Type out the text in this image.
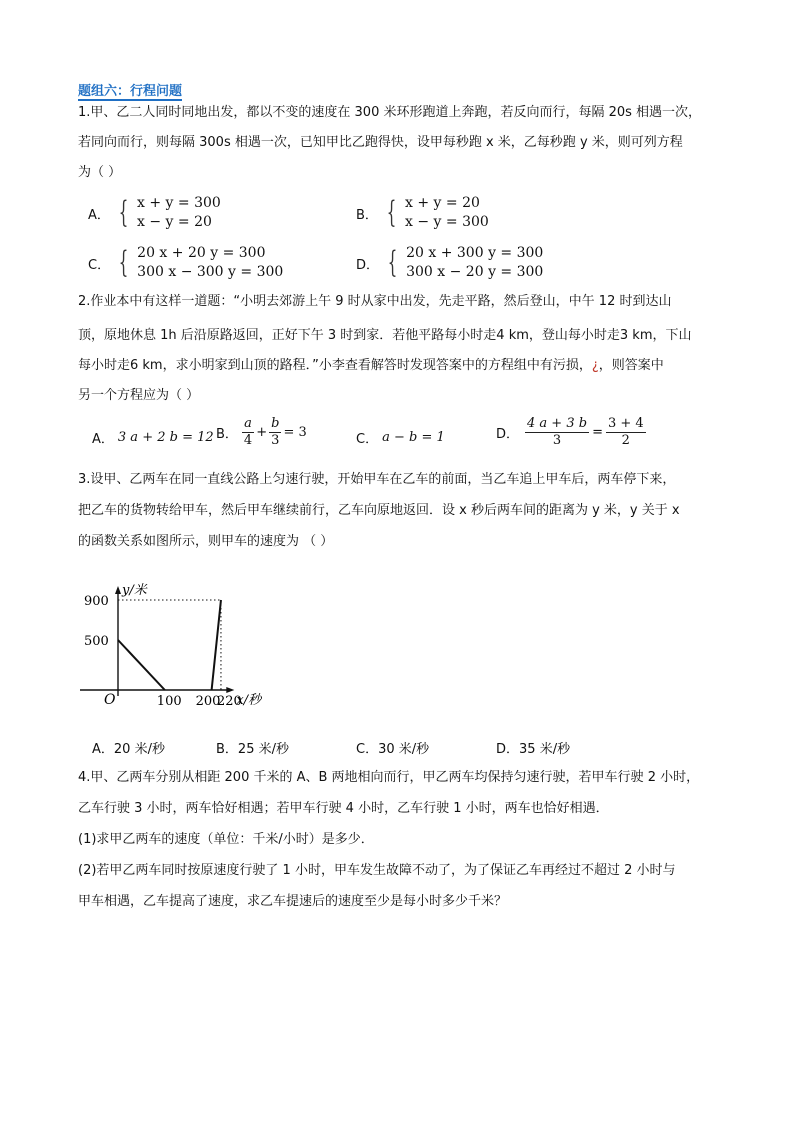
题组六：行程问题
1.甲、乙二人同时同地出发，都以不变的速度在 300 米环形跑道上奔跑，若反向而行，每隔 20s 相遇一次，
若同向而行，则每隔 300s 相遇一次，已知甲比乙跑得快，设甲每秒跑 x 米，乙每秒跑 y 米，则可列方程
为（ ）
A． { x + y = 300
x − y = 20	B． { x + y = 20
x − y = 300
C． { 20 x + 20 y = 300
300 x − 300 y = 300	D． { 20 x + 300 y = 300
300 x − 20 y = 300
2.作业本中有这样一道题：“小明去郊游上午 9 时从家中出发，先走平路，然后登山，中午 12 时到达山
顶，原地休息 1h 后沿原路返回，正好下午 3 时到家．若他平路每小时走4 km，登山每小时走3 km，下山
每小时走6 km，求小明家到山顶的路程．”小李查看解答时发现答案中的方程组中有污损，¿，则答案中
另一个方程应为（ ）
A． 3 a + 2 b = 12 B． $\frac{a}{4} + \frac{b}{3} = 3$	C． a − b = 1	D． $\frac{4 a + 3 b}{3} = \frac{3 + 4}{2}$
3.设甲、乙两车在同一直线公路上匀速行驶，开始甲车在乙车的前面，当乙车追上甲车后，两车停下来，
把乙车的货物转给甲车，然后甲车继续前行，乙车向原地返回．设 x 秒后两车间的距离为 y 米，y 关于 x
的函数关系如图所示，则甲车的速度为 （ ）
y/米
x/秒
O	100 200
220
500
900
A．20 米/秒	B．25 米/秒	C．30 米/秒	D．35 米/秒
4.甲、乙两车分别从相距 200 千米的 A、B 两地相向而行，甲乙两车均保持匀速行驶，若甲车行驶 2 小时，
乙车行驶 3 小时，两车恰好相遇；若甲车行驶 4 小时，乙车行驶 1 小时，两车也恰好相遇．
(1)求甲乙两车的速度（单位：千米/小时）是多少．
(2)若甲乙两车同时按原速度行驶了 1 小时，甲车发生故障不动了，为了保证乙车再经过不超过 2 小时与
甲车相遇，乙车提高了速度，求乙车提速后的速度至少是每小时多少千米？
